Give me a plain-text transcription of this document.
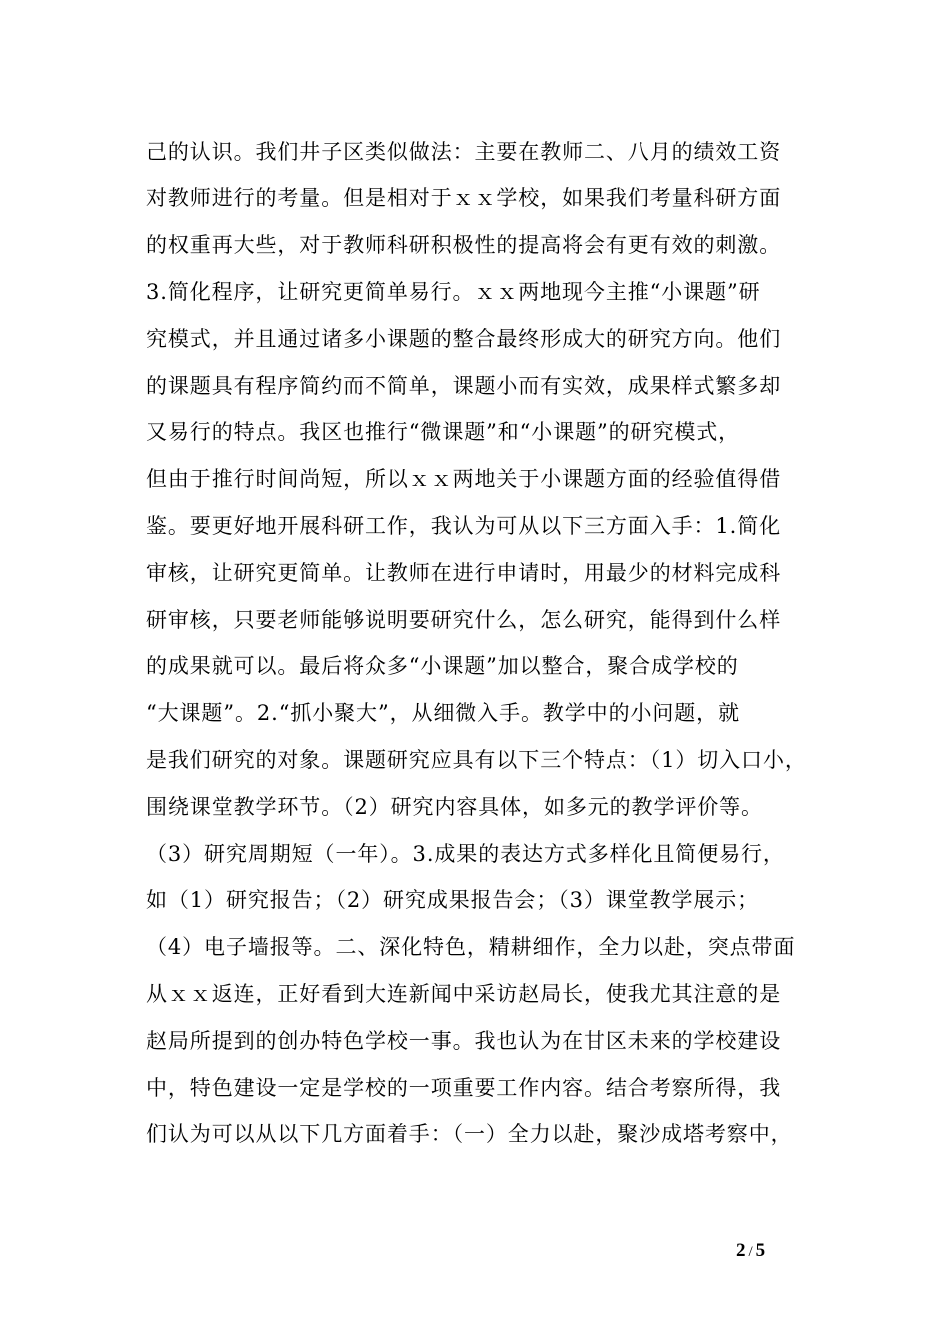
己的认识。我们井子区类似做法：主要在教师二、八月的绩效工资
对教师进行的考量。但是相对于ｘｘ学校，如果我们考量科研方面
的权重再大些，对于教师科研积极性的提高将会有更有效的刺激。
3.简化程序，让研究更简单易行。ｘｘ两地现今主推“小课题”研
究模式，并且通过诸多小课题的整合最终形成大的研究方向。他们
的课题具有程序简约而不简单，课题小而有实效，成果样式繁多却
又易行的特点。我区也推行“微课题”和“小课题”的研究模式，
但由于推行时间尚短，所以ｘｘ两地关于小课题方面的经验值得借
鉴。要更好地开展科研工作，我认为可从以下三方面入手：1.简化
审核，让研究更简单。让教师在进行申请时，用最少的材料完成科
研审核，只要老师能够说明要研究什么，怎么研究，能得到什么样
的成果就可以。最后将众多“小课题”加以整合，聚合成学校的
“大课题”。2.“抓小聚大”，从细微入手。教学中的小问题，就
是我们研究的对象。课题研究应具有以下三个特点：（1）切入口小，
围绕课堂教学环节。（2）研究内容具体，如多元的教学评价等。
（3）研究周期短（一年）。3.成果的表达方式多样化且简便易行，
如（1）研究报告；（2）研究成果报告会；（3）课堂教学展示；
（4）电子墙报等。二、深化特色，精耕细作，全力以赴，突点带面
从ｘｘ返连，正好看到大连新闻中采访赵局长，使我尤其注意的是
赵局所提到的创办特色学校一事。我也认为在甘区未来的学校建设
中，特色建设一定是学校的一项重要工作内容。结合考察所得，我
们认为可以从以下几方面着手：（一）全力以赴，聚沙成塔考察中，
2 / 5
